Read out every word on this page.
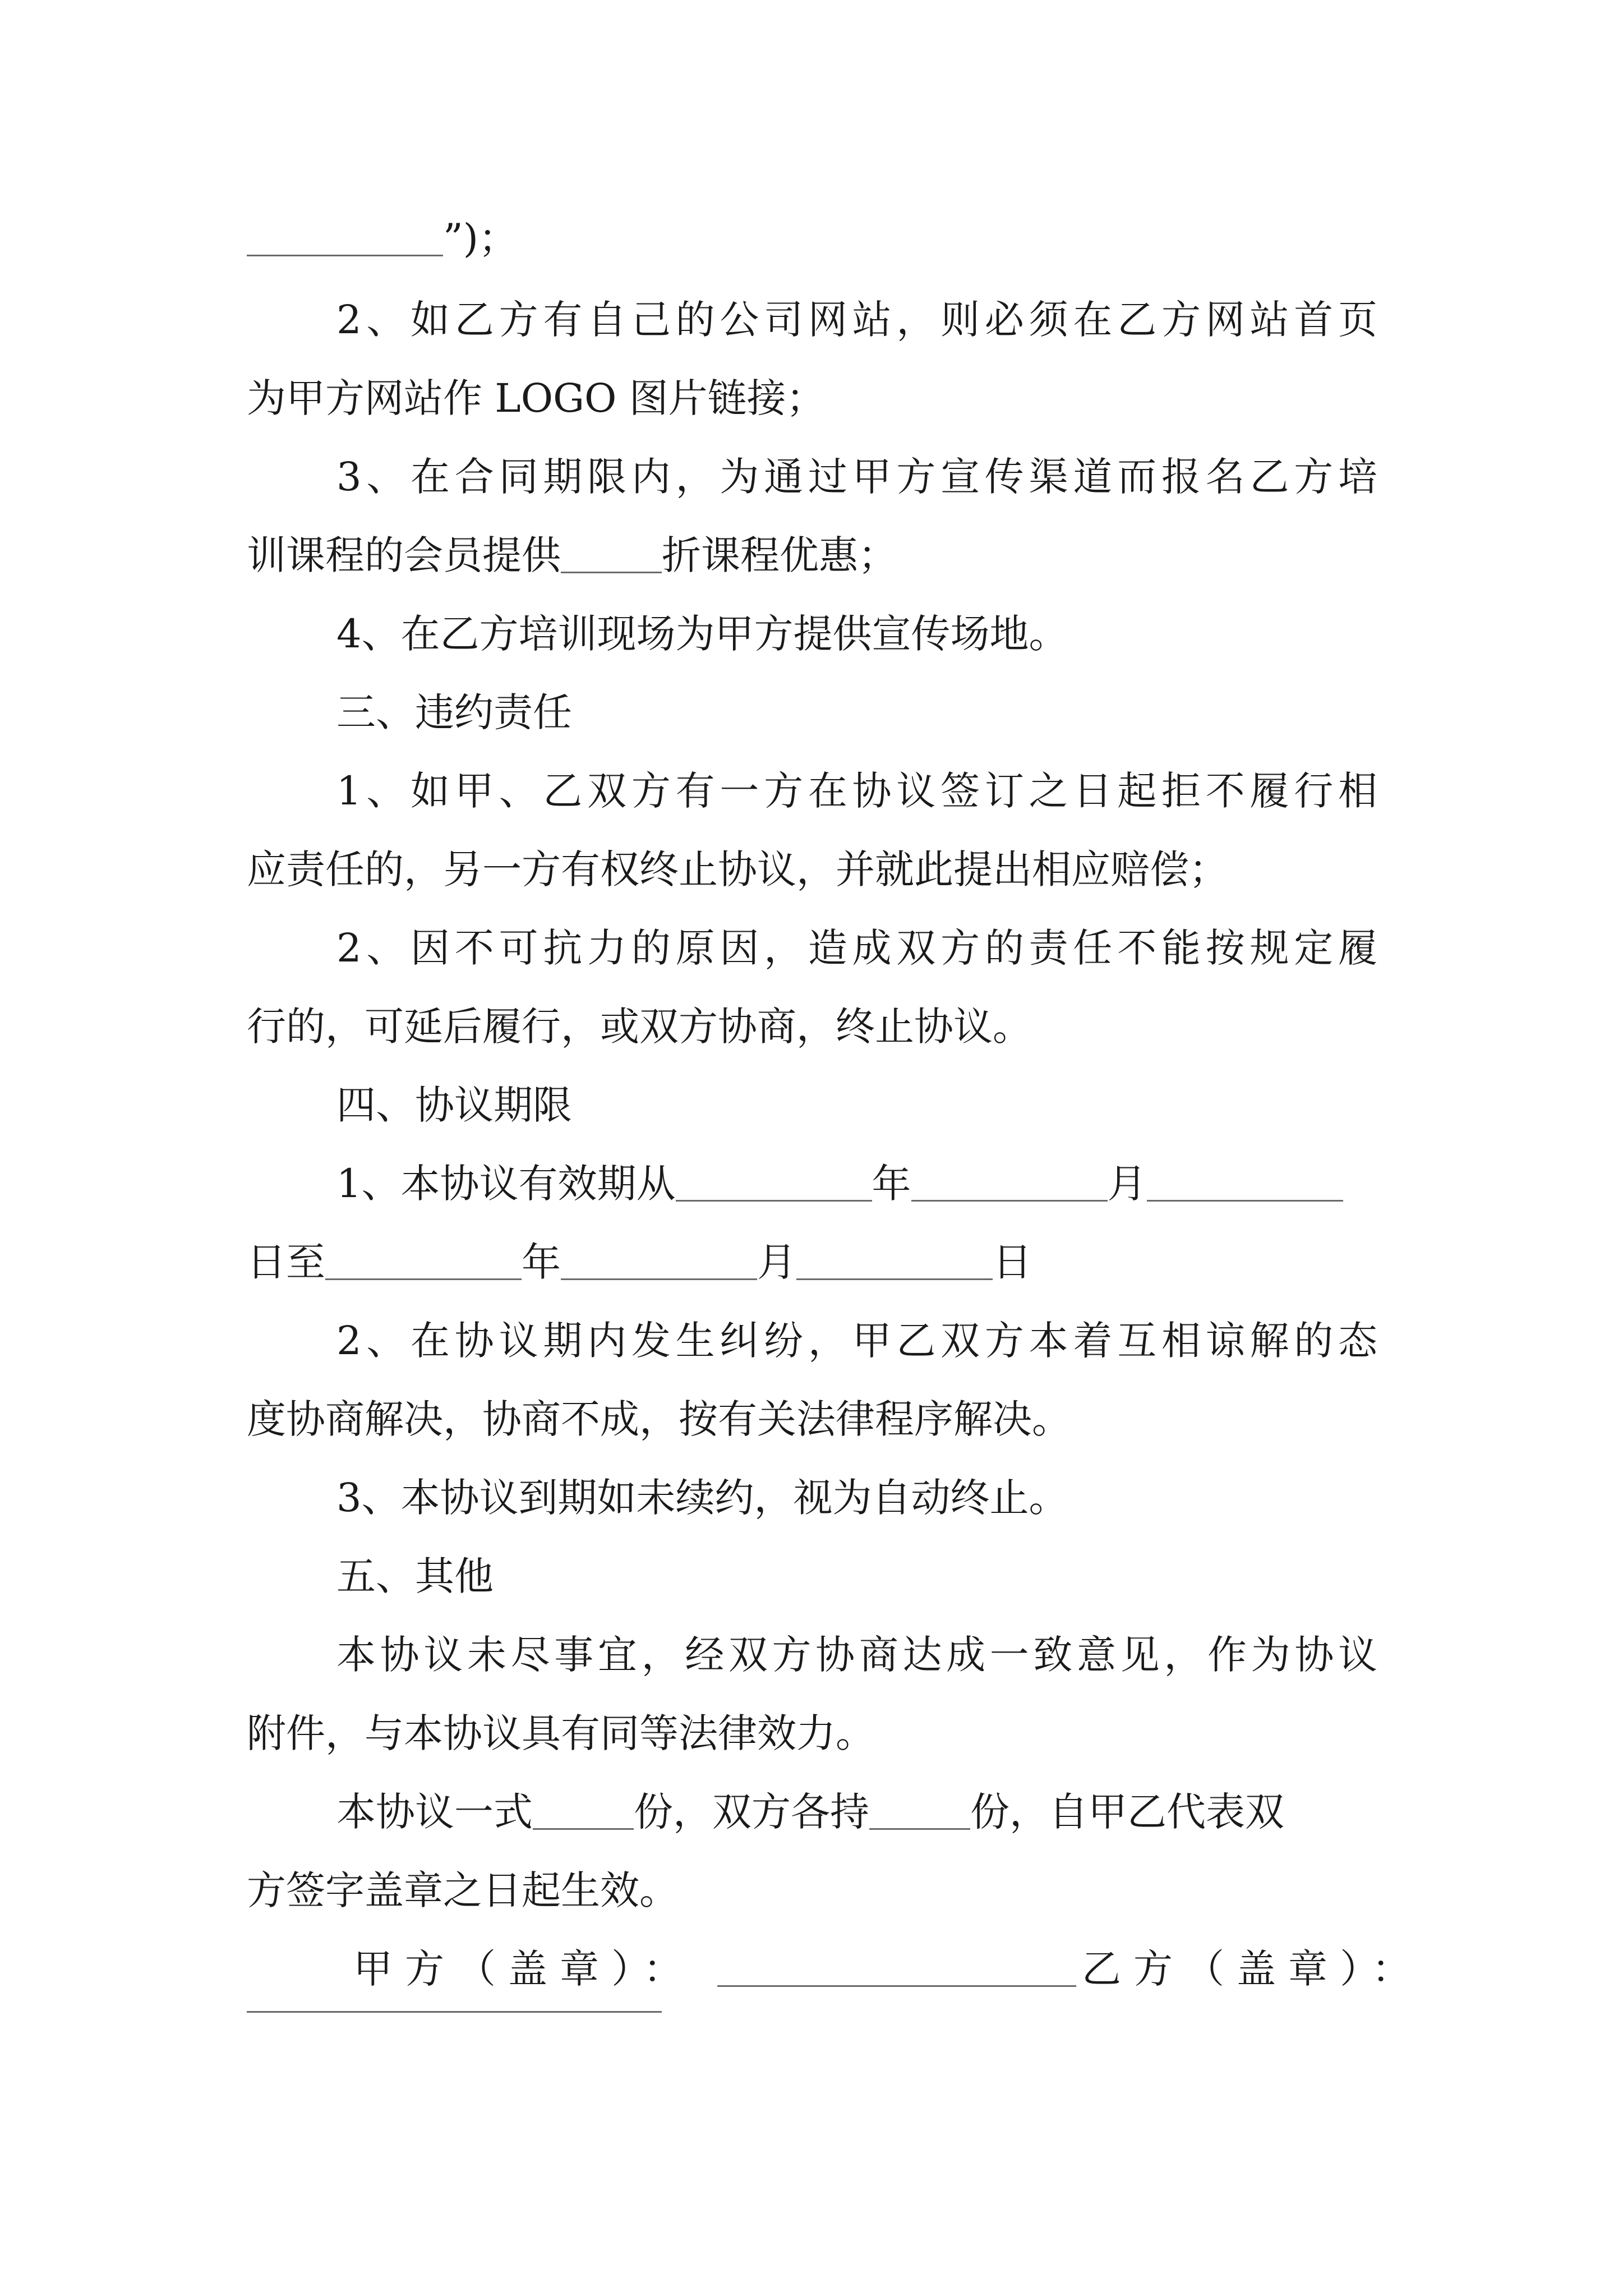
”)；
2、如乙方有自己的公司网站，则必须在乙方网站首页
为甲方网站作 LOGO 图片链接；
3、在合同期限内，为通过甲方宣传渠道而报名乙方培
训课程的会员提供	折课程优惠；
4、在乙方培训现场为甲方提供宣传场地。
三、违约责任
1、如甲、乙双方有一方在协议签订之日起拒不履行相
应责任的，另一方有权终止协议，并就此提出相应赔偿；
2、因不可抗力的原因，造成双方的责任不能按规定履
行的，可延后履行，或双方协商，终止协议。
四、协议期限
1、本协议有效期从	年	月
日至	年	月	日
2、在协议期内发生纠纷，甲乙双方本着互相谅解的态
度协商解决，协商不成，按有关法律程序解决。
3、本协议到期如未续约，视为自动终止。
五、其他
本协议未尽事宜，经双方协商达成一致意见，作为协议
附件，与本协议具有同等法律效力。
本协议一式	份，双方各持	份，自甲乙代表双
方签字盖章之日起生效。
甲方（盖章）：	乙方（盖章）：
